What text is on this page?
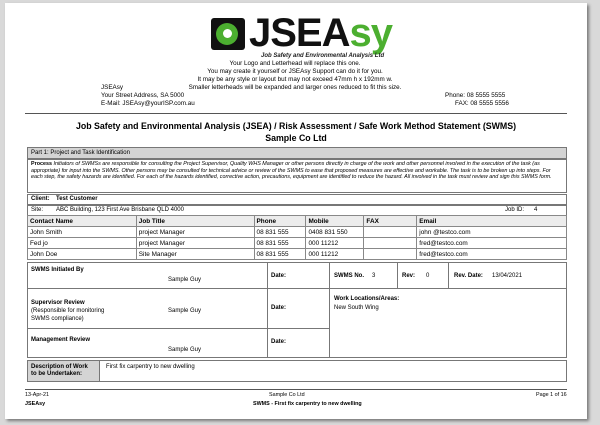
JSEAsy
Job Safety and Environmental Analysis Ltd
Your Logo and Letterhead will replace this one.
You may create it yourself or JSEAsy Support can do it for you.
It may be any style or layout but may not exceed 47mm h x 192mm w.
Smaller letterheads will be expanded and larger ones reduced to fit this size.
JSEAsy
Your Street Address, SA 5000
E-Mail: JSEAsy@yourISP.com.au
Phone: 08 5555 5555
FAX: 08 5555 5556
Job Safety and Environmental Analysis (JSEA) / Risk Assessment / Safe Work Method Statement (SWMS)
Sample Co Ltd
Part 1: Project and Task Identification
Process Initiators of SWMSs are responsible for consulting the Project Supervisor, Quality WHS Manager or other persons directly in charge of the work and other personnel involved in the execution of the task (as appropriate) for input into the SWMS. Other persons may be consulted for technical advice or review of the SWMS to ease that proposed measures are effective and workable. The task is to be broken up into steps. For each step, the safety hazards are identified. For each of the hazards identified, corrective action, precautions, equipment are identified to reduce the hazard. All involved in the task must review and sign this SWMS form.
Client: Test Customer
Site: ABC Building, 123 First Ave Brisbane QLD 4000	Job ID: 4
Contact Name	Job Title	Phone	Mobile	FAX	Email
John Smith	project Manager	08 831 555	0408 831 550		john @testco.com
Fed jo	project Manager	08 831 555	000 11212		fred@testco.com
John Doe	Site Manager	08 831 555	000 11212		fred@testco.com
SWMS Initiated By
Sample Guy
Date:	SWMS No. 3	Rev: 0	Rev. Date: 13/04/2021
Supervisor Review
(Responsible for monitoring
SWMS compliance)
Sample Guy	Date:
Work Locations/Areas:
New South Wing
Management Review
Sample Guy
Date:
Description of Work
to be Undertaken:
First fix carpentry to new dwelling
13-Apr-21	Sample Co Ltd	Page 1 of 16
JSEAsy	SWMS - First fix carpentry to new dwelling
